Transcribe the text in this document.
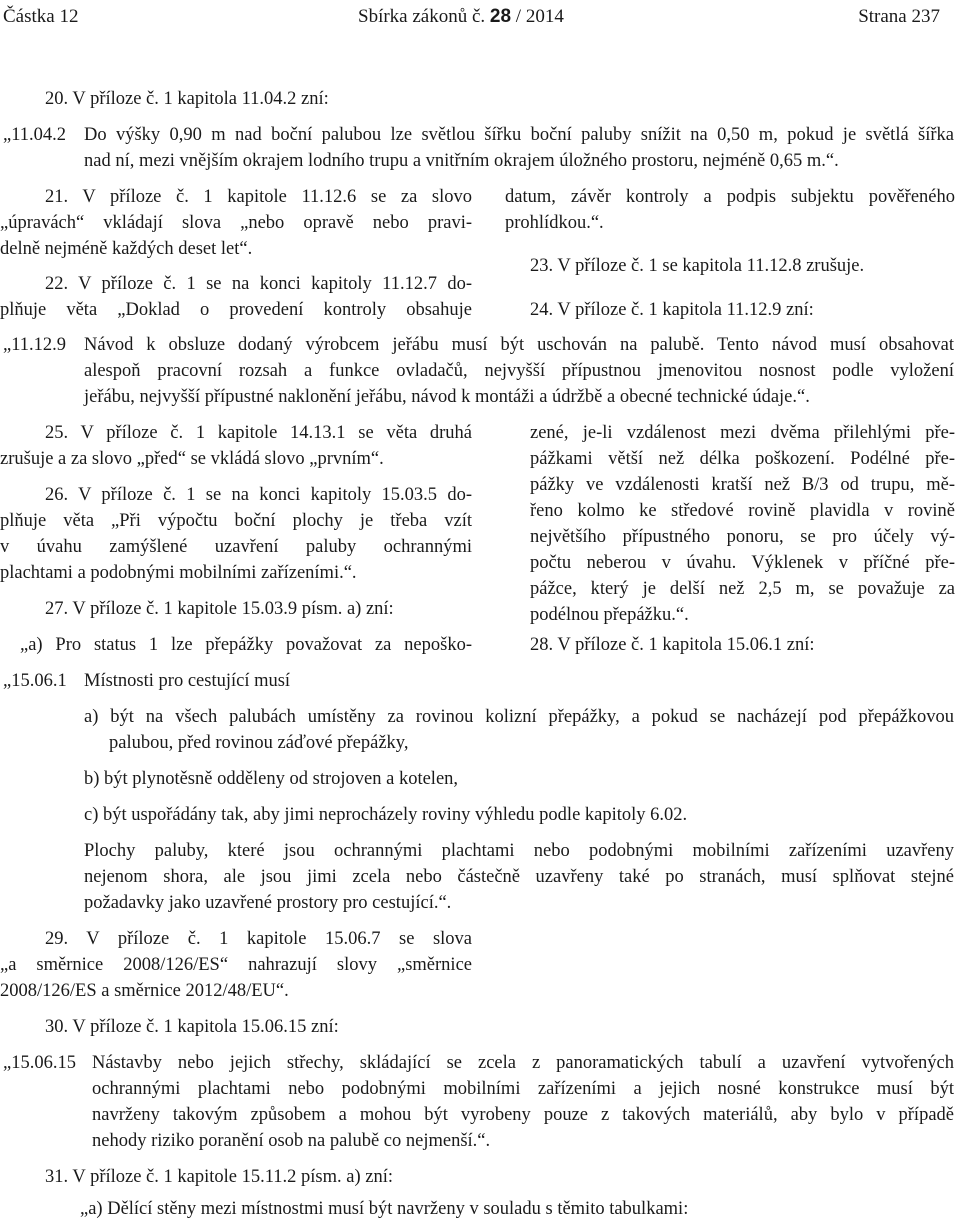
Částka 12	Sbírka zákonů č. 28 / 2014	Strana 237
20. V příloze č. 1 kapitola 11.04.2 zní:
„11.04.2 Do výšky 0,90 m nad boční palubou lze světlou šířku boční paluby snížit na 0,50 m, pokud je světlá šířka
nad ní, mezi vnějším okrajem lodního trupu a vnitřním okrajem úložného prostoru, nejméně 0,65 m.“.
21. V příloze č. 1 kapitole 11.12.6 se za slovo
„úpravách“ vkládají slova „nebo opravě nebo pravi-
delně nejméně každých deset let“.
22. V příloze č. 1 se na konci kapitoly 11.12.7 do-
plňuje věta „Doklad o provedení kontroly obsahuje
datum, závěr kontroly a podpis subjektu pověřeného
prohlídkou.“.
23. V příloze č. 1 se kapitola 11.12.8 zrušuje.
24. V příloze č. 1 kapitola 11.12.9 zní:
„11.12.9 Návod k obsluze dodaný výrobcem jeřábu musí být uschován na palubě. Tento návod musí obsahovat
alespoň pracovní rozsah a funkce ovladačů, nejvyšší přípustnou jmenovitou nosnost podle vyložení
jeřábu, nejvyšší přípustné naklonění jeřábu, návod k montáži a údržbě a obecné technické údaje.“.
25. V příloze č. 1 kapitole 14.13.1 se věta druhá
zrušuje a za slovo „před“ se vkládá slovo „prvním“.
26. V příloze č. 1 se na konci kapitoly 15.03.5 do-
plňuje věta „Při výpočtu boční plochy je třeba vzít
v úvahu zamýšlené uzavření paluby ochrannými
plachtami a podobnými mobilními zařízeními.“.
27. V příloze č. 1 kapitole 15.03.9 písm. a) zní:
„a) Pro status 1 lze přepážky považovat za nepoško-
zené, je-li vzdálenost mezi dvěma přilehlými pře-
pážkami větší než délka poškození. Podélné pře-
pážky ve vzdálenosti kratší než B/3 od trupu, mě-
řeno kolmo ke středové rovině plavidla v rovině
největšího přípustného ponoru, se pro účely vý-
počtu neberou v úvahu. Výklenek v příčné pře-
pážce, který je delší než 2,5 m, se považuje za
podélnou přepážku.“.
28. V příloze č. 1 kapitola 15.06.1 zní:
„15.06.1 Místnosti pro cestující musí
a) být na všech palubách umístěny za rovinou kolizní přepážky, a pokud se nacházejí pod přepážkovou
palubou, před rovinou záďové přepážky,
b) být plynotěsně odděleny od strojoven a kotelen,
c) být uspořádány tak, aby jimi neprocházely roviny výhledu podle kapitoly 6.02.
Plochy paluby, které jsou ochrannými plachtami nebo podobnými mobilními zařízeními uzavřeny
nejenom shora, ale jsou jimi zcela nebo částečně uzavřeny také po stranách, musí splňovat stejné
požadavky jako uzavřené prostory pro cestující.“.
29. V příloze č. 1 kapitole 15.06.7 se slova
„a směrnice 2008/126/ES“ nahrazují slovy „směrnice
2008/126/ES a směrnice 2012/48/EU“.
30. V příloze č. 1 kapitola 15.06.15 zní:
„15.06.15 Nástavby nebo jejich střechy, skládající se zcela z panoramatických tabulí a uzavření vytvořených
ochrannými plachtami nebo podobnými mobilními zařízeními a jejich nosné konstrukce musí být
navrženy takovým způsobem a mohou být vyrobeny pouze z takových materiálů, aby bylo v případě
nehody riziko poranění osob na palubě co nejmenší.“.
31. V příloze č. 1 kapitole 15.11.2 písm. a) zní:
„a) Dělící stěny mezi místnostmi musí být navrženy v souladu s těmito tabulkami:
